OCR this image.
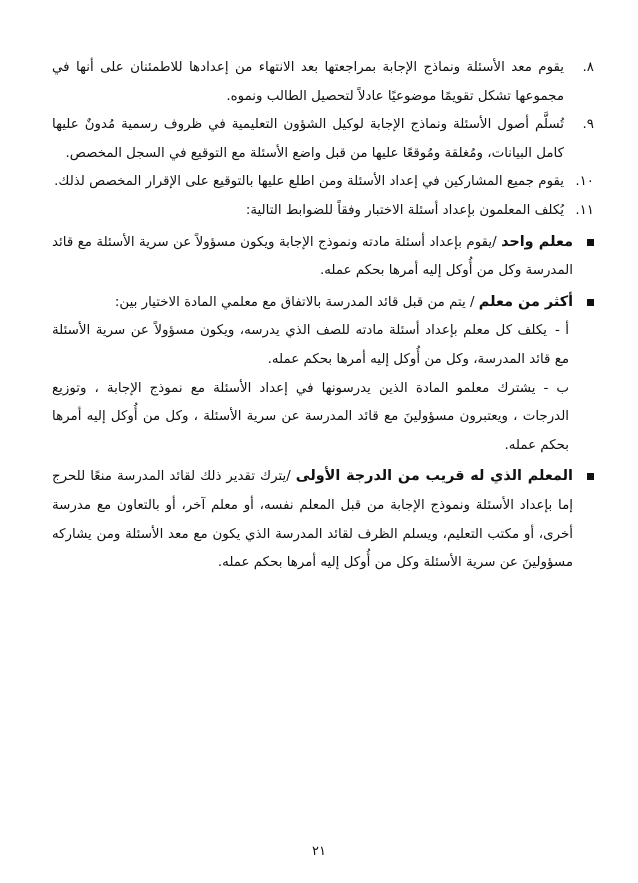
٨.
يقوم معد الأسئلة ونماذج الإجابة بمراجعتها بعد الانتهاء من إعدادها للاطمئنان على أنها في مجموعها تشكل تقويمًا موضوعيًا عادلاً لتحصيل الطالب ونموه.
٩.
تُسلَّم أصول الأسئلة ونماذج الإجابة لوكيل الشؤون التعليمية في ظروف رسمية مُدونٌ عليها كامل البيانات، ومُغلقة ومُوقعًا عليها من قبل واضع الأسئلة مع التوقيع في السجل المخصص.
١٠.
يقوم جميع المشاركين في إعداد الأسئلة ومن اطلع عليها بالتوقيع على الإقرار المخصص لذلك.
١١.
يُكلف المعلمون بإعداد أسئلة الاختبار وفقاً للضوابط التالية:
معلم واحد /يقوم بإعداد أسئلة مادته ونموذج الإجابة ويكون مسؤولاً عن سرية الأسئلة مع قائد المدرسة وكل من أُوكل إليه أمرها بحكم عمله.
أكثر من معلم / يتم من قبل قائد المدرسة بالاتفاق مع معلمي المادة الاختيار بين:
أ -يكلف كل معلم بإعداد أسئلة مادته للصف الذي يدرسه، ويكون مسؤولاً عن سرية الأسئلة مع قائد المدرسة، وكل من أُوكل إليه أمرها بحكم عمله.
ب -يشترك معلمو المادة الذين يدرسونها في إعداد الأسئلة مع نموذج الإجابة ، وتوزيع الدرجات ، ويعتبرون مسؤولينَ مع قائد المدرسة عن سرية الأسئلة ، وكل من أُوكل إليه أمرها بحكم عمله.
المعلم الذي له قريب من الدرجة الأولى /يترك تقدير ذلك لقائد المدرسة منعًا للحرج إما بإعداد الأسئلة ونموذج الإجابة من قبل المعلم نفسه، أو معلم آخر، أو بالتعاون مع مدرسة أخرى، أو مكتب التعليم، ويسلم الظرف لقائد المدرسة الذي يكون مع معد الأسئلة ومن يشاركه مسؤولينَ عن سرية الأسئلة وكل من أُوكل إليه أمرها بحكم عمله.
٢١
